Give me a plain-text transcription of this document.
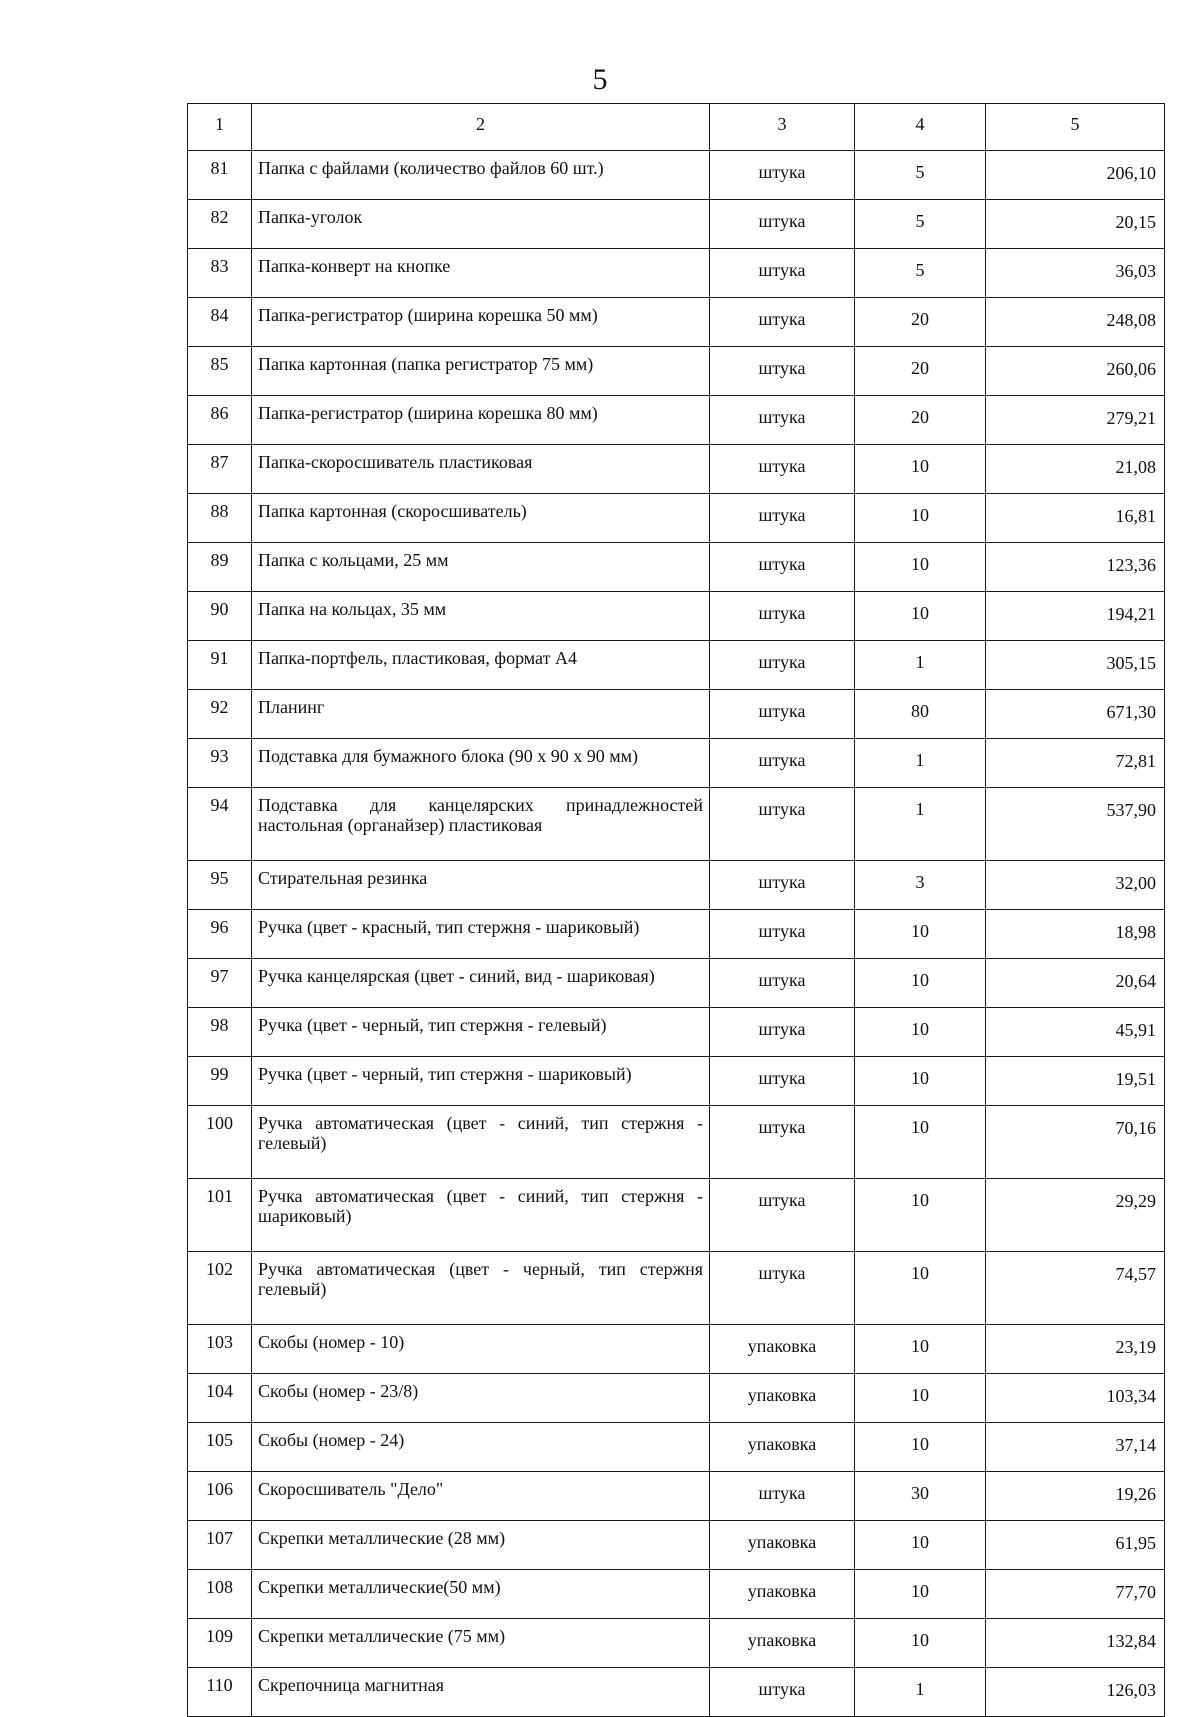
5
1	2	3	4	5
81	Папка с файлами (количество файлов 60 шт.)	штука	5	206,10
82	Папка-уголок	штука	5	20,15
83	Папка-конверт на кнопке	штука	5	36,03
84	Папка-регистратор (ширина корешка 50 мм)	штука	20	248,08
85	Папка картонная (папка регистратор 75 мм)	штука	20	260,06
86	Папка-регистратор (ширина корешка 80 мм)	штука	20	279,21
87	Папка-скоросшиватель пластиковая	штука	10	21,08
88	Папка картонная (скоросшиватель)	штука	10	16,81
89	Папка с кольцами, 25 мм	штука	10	123,36
90	Папка на кольцах, 35 мм	штука	10	194,21
91	Папка-портфель, пластиковая, формат А4	штука	1	305,15
92	Планинг	штука	80	671,30
93	Подставка для бумажного блока (90 х 90 х 90 мм)	штука	1	72,81
94	Подставка для канцелярских принадлежностей настольная (органайзер) пластиковая	штука	1	537,90
95	Стирательная резинка	штука	3	32,00
96	Ручка (цвет - красный, тип стержня - шариковый)	штука	10	18,98
97	Ручка канцелярская (цвет - синий, вид - шариковая)	штука	10	20,64
98	Ручка (цвет - черный, тип стержня - гелевый)	штука	10	45,91
99	Ручка (цвет - черный, тип стержня - шариковый)	штука	10	19,51
100	Ручка автоматическая (цвет - синий, тип стержня - гелевый)	штука	10	70,16
101	Ручка автоматическая (цвет - синий, тип стержня - шариковый)	штука	10	29,29
102	Ручка автоматическая (цвет - черный, тип стержня гелевый)	штука	10	74,57
103	Скобы (номер - 10)	упаковка	10	23,19
104	Скобы (номер - 23/8)	упаковка	10	103,34
105	Скобы (номер - 24)	упаковка	10	37,14
106	Скоросшиватель "Дело"	штука	30	19,26
107	Скрепки металлические (28 мм)	упаковка	10	61,95
108	Скрепки металлические(50 мм)	упаковка	10	77,70
109	Скрепки металлические (75 мм)	упаковка	10	132,84
110	Скрепочница магнитная	штука	1	126,03
